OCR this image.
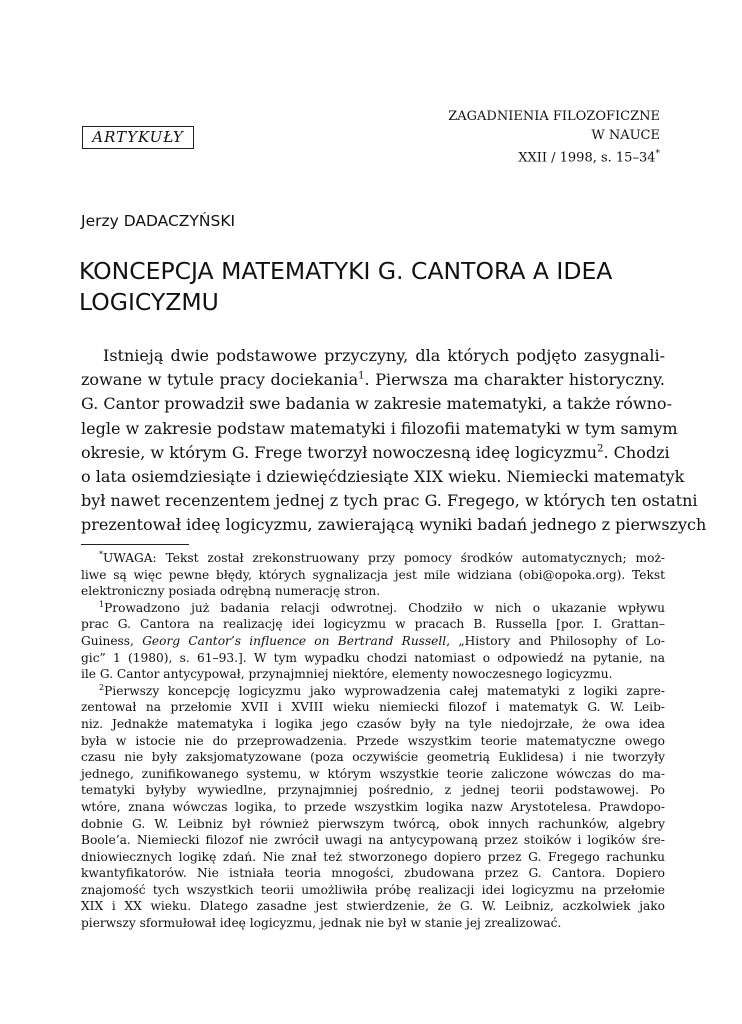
ARTYKUŁY
ZAGADNIENIA FILOZOFICZNE
W NAUCE
XXII / 1998, s. 15–34*
Jerzy DADACZYŃSKI
KONCEPCJA MATEMATYKI G. CANTORA A IDEA
LOGICYZMU
Istnieją dwie podstawowe przyczyny, dla których podjęto zasygnali-
zowane w tytule pracy dociekania$^1$. Pierwsza ma charakter historyczny.
G. Cantor prowadził swe badania w zakresie matematyki, a także równo-
legle w zakresie podstaw matematyki i filozofii matematyki w tym samym
okresie, w którym G. Frege tworzył nowoczesną ideę logicyzmu$^2$. Chodzi
o lata osiemdziesiąte i dziewięćdziesiąte XIX wieku. Niemiecki matematyk
był nawet recenzentem jednej z tych prac G. Fregego, w których ten ostatni
prezentował ideę logicyzmu, zawierającą wyniki badań jednego z pierwszych
*UWAGA: Tekst został zrekonstruowany przy pomocy środków automatycznych; moż-
liwe są więc pewne błędy, których sygnalizacja jest mile widziana (obi@opoka.org). Tekst
elektroniczny posiada odrębną numerację stron.
$^1$Prowadzono już badania relacji odwrotnej. Chodziło w nich o ukazanie wpływu
prac G. Cantora na realizację idei logicyzmu w pracach B. Russella [por. I. Grattan–
Guiness, Georg Cantor’s influence on Bertrand Russell, „History and Philosophy of Lo-
gic” 1 (1980), s. 61–93.]. W tym wypadku chodzi natomiast o odpowiedź na pytanie, na
ile G. Cantor antycypował, przynajmniej niektóre, elementy nowoczesnego logicyzmu.
$^2$Pierwszy koncepcję logicyzmu jako wyprowadzenia całej matematyki z logiki zapre-
zentował na przełomie XVII i XVIII wieku niemiecki filozof i matematyk G. W. Leib-
niz. Jednakże matematyka i logika jego czasów były na tyle niedojrzałe, że owa idea
była w istocie nie do przeprowadzenia. Przede wszystkim teorie matematyczne owego
czasu nie były zaksjomatyzowane (poza oczywiście geometrią Euklidesa) i nie tworzyły
jednego, zunifikowanego systemu, w którym wszystkie teorie zaliczone wówczas do ma-
tematyki byłyby wywiedlne, przynajmniej pośrednio, z jednej teorii podstawowej. Po
wtóre, znana wówczas logika, to przede wszystkim logika nazw Arystotelesa. Prawdopo-
dobnie G. W. Leibniz był również pierwszym twórcą, obok innych rachunków, algebry
Boole’a. Niemiecki filozof nie zwrócił uwagi na antycypowaną przez stoików i logików śre-
dniowiecznych logikę zdań. Nie znał też stworzonego dopiero przez G. Fregego rachunku
kwantyfikatorów. Nie istniała teoria mnogości, zbudowana przez G. Cantora. Dopiero
znajomość tych wszystkich teorii umożliwiła próbę realizacji idei logicyzmu na przełomie
XIX i XX wieku. Dlatego zasadne jest stwierdzenie, że G. W. Leibniz, aczkolwiek jako
pierwszy sformułował ideę logicyzmu, jednak nie był w stanie jej zrealizować.
